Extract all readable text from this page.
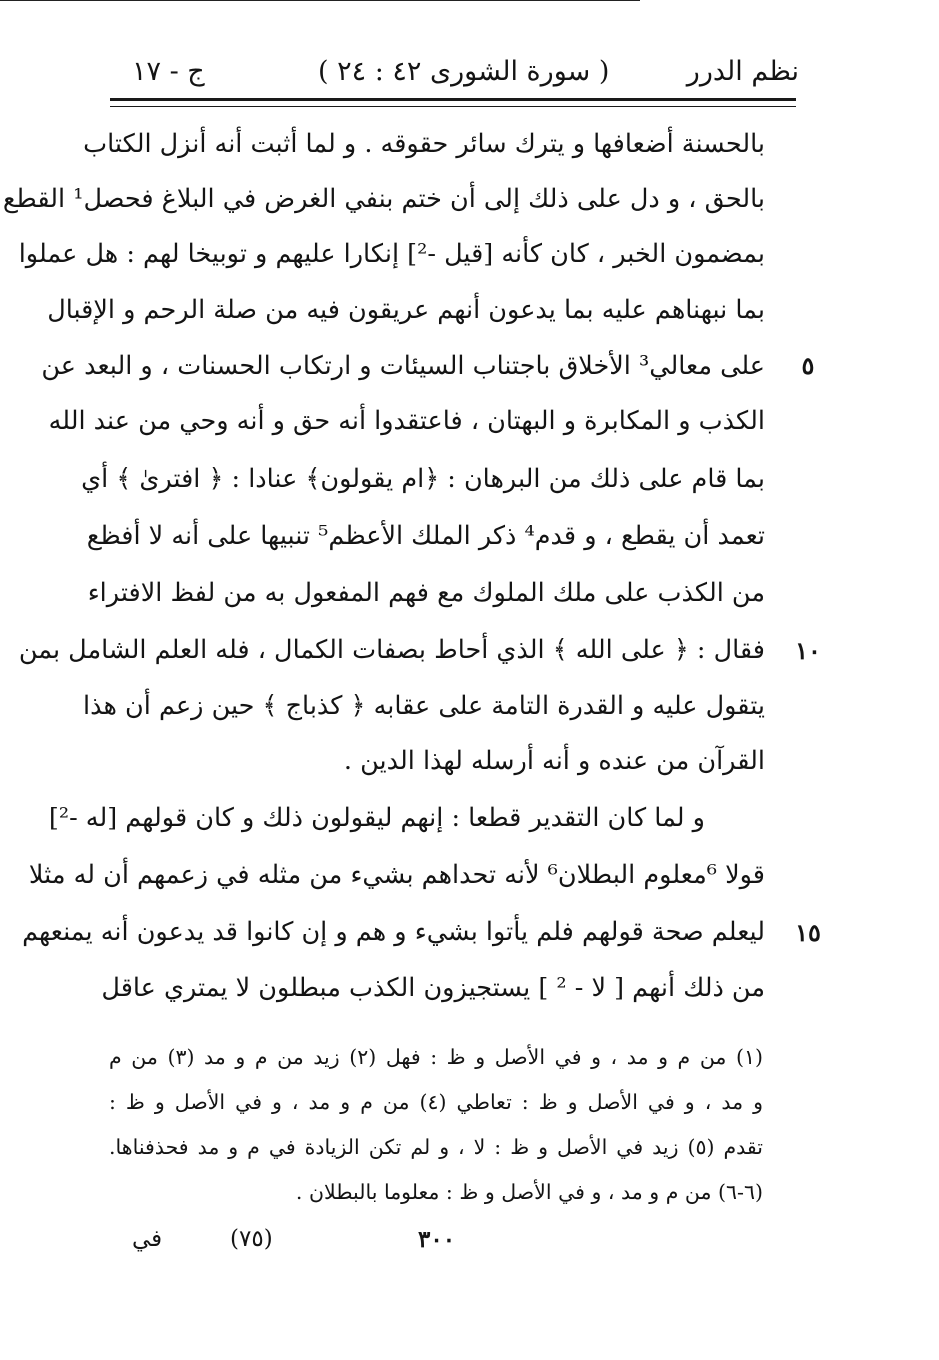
نظم الدرر
( سورة الشورى ٤٢ : ٢٤ )
ج - ١٧
بالحسنة أضعافها و يترك سائر حقوقه . و لما أثبت أنه أنزل الكتاب
بالحق ، و دل على ذلك إلى أن ختم بنفي الغرض في البلاغ فحصل¹ القطع
بمضمون الخبر ، كان كأنه [قيل -²] إنكارا عليهم و توبيخا لهم : هل عملوا
بما نبهناهم عليه بما يدعون أنهم عريقون فيه من صلة الرحم و الإقبال
على معالي³ الأخلاق باجتناب السيئات و ارتكاب الحسنات ، و البعد عن
الكذب و المكابرة و البهتان ، فاعتقدوا أنه حق و أنه وحي من عند الله
بما قام على ذلك من البرهان : ﴿ام يقولون﴾ عنادا : ﴿ افترىٰ ﴾ أي
تعمد أن يقطع ، و قدم⁴ ذكر الملك الأعظم⁵ تنبيها على أنه لا أفظع
من الكذب على ملك الملوك مع فهم المفعول به من لفظ الافتراء
فقال : ﴿ على الله ﴾ الذي أحاط بصفات الكمال ، فله العلم الشامل بمن
يتقول عليه و القدرة التامة على عقابه ﴿ كذباج ﴾ حين زعم أن هذا
القرآن من عنده و أنه أرسله لهذا الدين .
و لما كان التقدير قطعا : إنهم ليقولون ذلك و كان قولهم [له -²]
قولا ⁶معلوم البطلان⁶ لأنه تحداهم بشيء من مثله في زعمهم أن له مثلا
ليعلم صحة قولهم فلم يأتوا بشيء و هم و إن كانوا قد يدعون أنه يمنعهم
من ذلك أنهم [ لا - ² ] يستجيزون الكذب مبطلون لا يمتري عاقل
٥
١٠
١٥
(١) من م و مد ، و في الأصل و ظ : فهل (٢) زيد من م و مد (٣) من م
و مد ، و في الأصل و ظ : تعاطي (٤) من م و مد ، و في الأصل و ظ :
تقدم (٥) زيد في الأصل و ظ : لا ، و لم تكن الزيادة في م و مد فحذفناها.
(٦-٦) من م و مد ، و في الأصل و ظ : معلوما بالبطلان .
في	(٧٥)	٣٠٠
